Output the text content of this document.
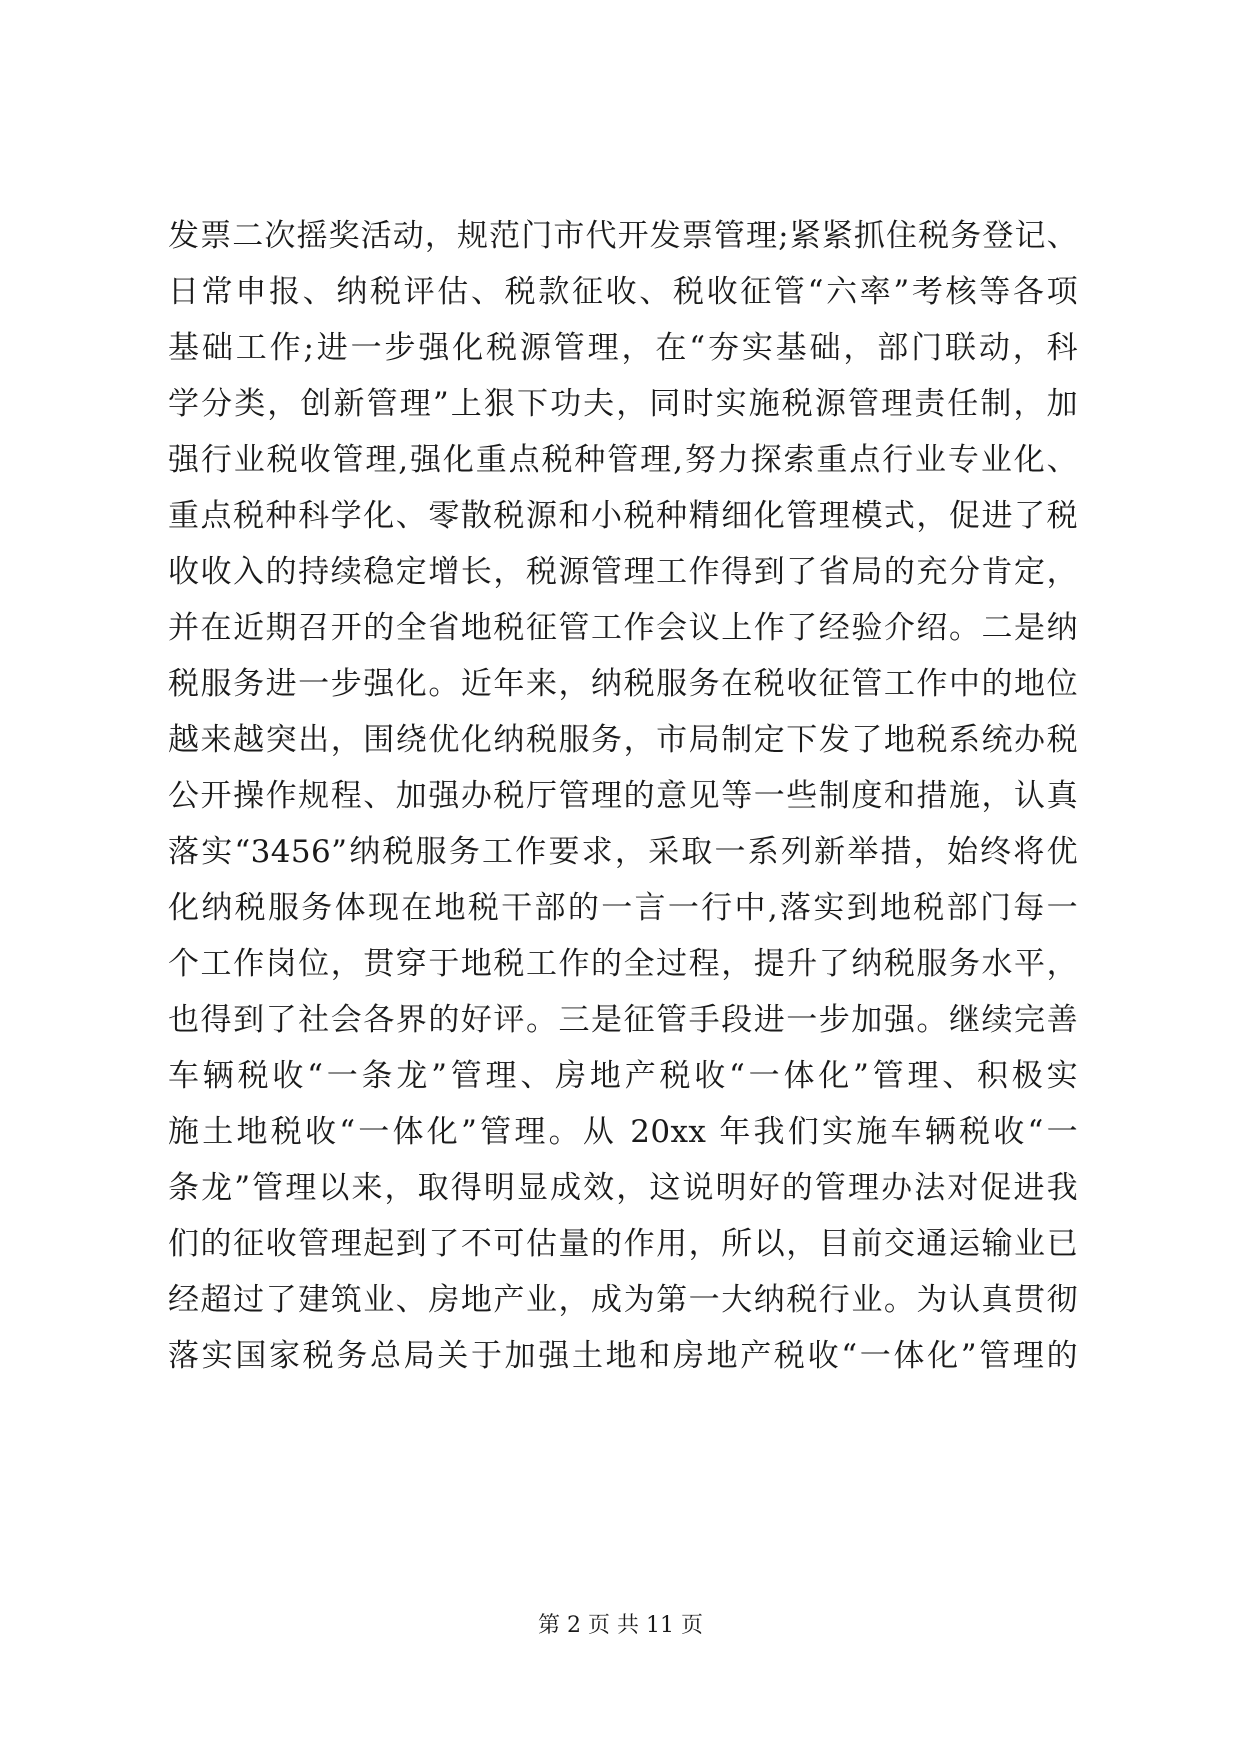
发票二次摇奖活动，规范门市代开发票管理;紧紧抓住税务登记、
日常申报、纳税评估、税款征收、税收征管“六率”考核等各项
基础工作;进一步强化税源管理，在“夯实基础，部门联动，科
学分类，创新管理”上狠下功夫，同时实施税源管理责任制，加
强行业税收管理,强化重点税种管理,努力探索重点行业专业化、
重点税种科学化、零散税源和小税种精细化管理模式，促进了税
收收入的持续稳定增长，税源管理工作得到了省局的充分肯定，
并在近期召开的全省地税征管工作会议上作了经验介绍。二是纳
税服务进一步强化。近年来，纳税服务在税收征管工作中的地位
越来越突出，围绕优化纳税服务，市局制定下发了地税系统办税
公开操作规程、加强办税厅管理的意见等一些制度和措施，认真
落实“3456”纳税服务工作要求，采取一系列新举措，始终将优
化纳税服务体现在地税干部的一言一行中,落实到地税部门每一
个工作岗位，贯穿于地税工作的全过程，提升了纳税服务水平，
也得到了社会各界的好评。三是征管手段进一步加强。继续完善
车辆税收“一条龙”管理、房地产税收“一体化”管理、积极实
施土地税收“一体化”管理。从 20xx 年我们实施车辆税收“一
条龙”管理以来，取得明显成效，这说明好的管理办法对促进我
们的征收管理起到了不可估量的作用，所以，目前交通运输业已
经超过了建筑业、房地产业，成为第一大纳税行业。为认真贯彻
落实国家税务总局关于加强土地和房地产税收“一体化”管理的
第 2 页 共 11 页
